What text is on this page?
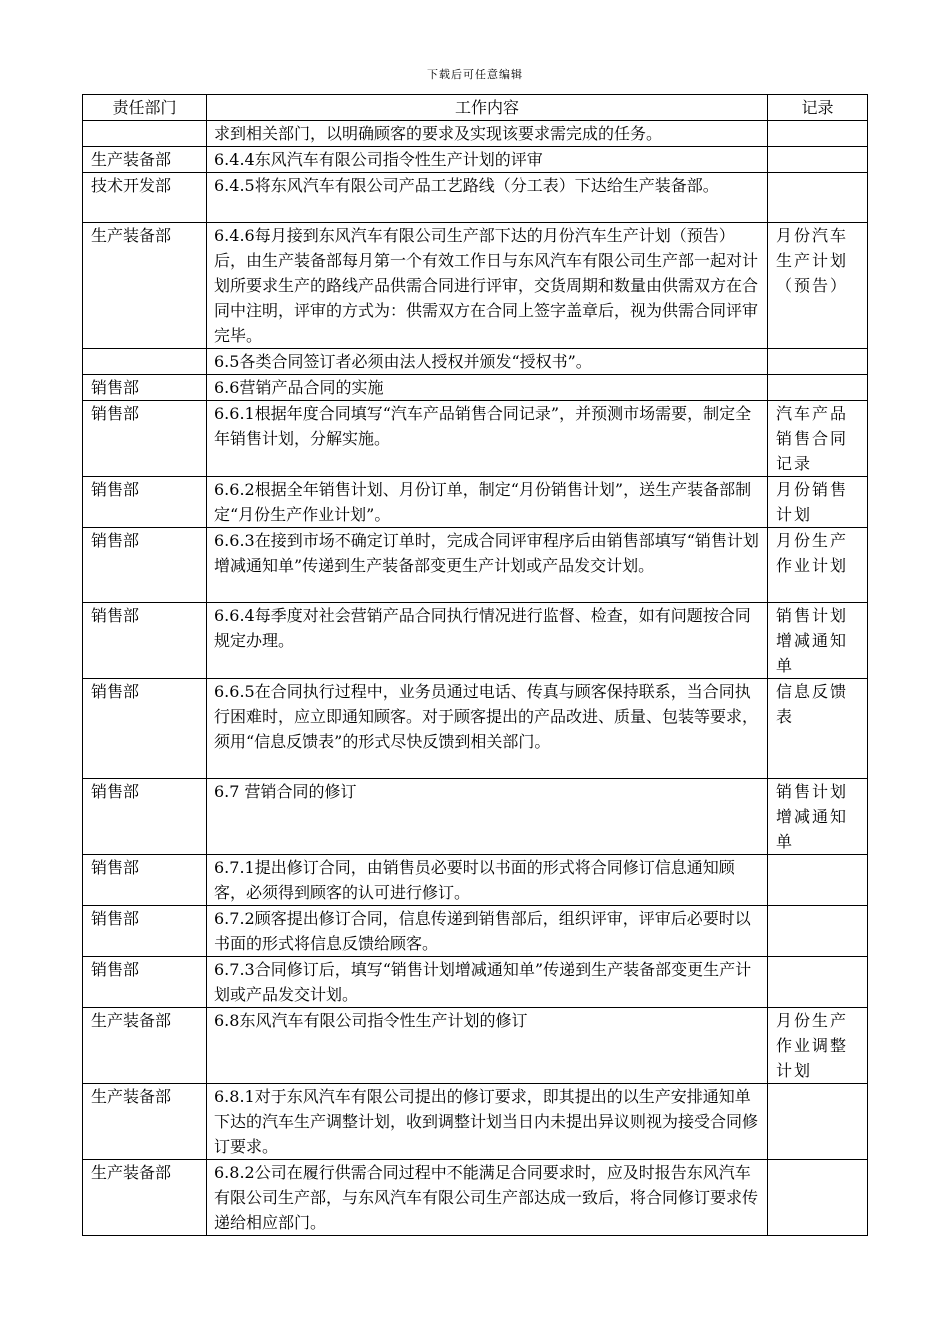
下载后可任意编辑
责任部门	工作内容	记录
	求到相关部门，以明确顾客的要求及实现该要求需完成的任务。	
生产装备部	6.4.4东风汽车有限公司指令性生产计划的评审	
技术开发部	6.4.5将东风汽车有限公司产品工艺路线（分工表）下达给生产装备部。	
生产装备部	6.4.6每月接到东风汽车有限公司生产部下达的月份汽车生产计划（预告）后，由生产装备部每月第一个有效工作日与东风汽车有限公司生产部一起对计划所要求生产的路线产品供需合同进行评审，交货周期和数量由供需双方在合同中注明，评审的方式为：供需双方在合同上签字盖章后，视为供需合同评审完毕。	月份汽车生产计划（预告）
	6.5各类合同签订者必须由法人授权并颁发“授权书”。	
销售部	6.6营销产品合同的实施	
销售部	6.6.1根据年度合同填写“汽车产品销售合同记录”，并预测市场需要，制定全年销售计划，分解实施。	汽车产品销售合同记录
销售部	6.6.2根据全年销售计划、月份订单，制定“月份销售计划”，送生产装备部制定“月份生产作业计划”。	月份销售计划
销售部	6.6.3在接到市场不确定订单时，完成合同评审程序后由销售部填写“销售计划增减通知单”传递到生产装备部变更生产计划或产品发交计划。	月份生产作业计划
销售部	6.6.4每季度对社会营销产品合同执行情况进行监督、检查，如有问题按合同规定办理。	销售计划增减通知单
销售部	6.6.5在合同执行过程中，业务员通过电话、传真与顾客保持联系，当合同执行困难时，应立即通知顾客。对于顾客提出的产品改进、质量、包装等要求，须用“信息反馈表”的形式尽快反馈到相关部门。	信息反馈表
销售部	6.7 营销合同的修订	销售计划增减通知单
销售部	6.7.1提出修订合同，由销售员必要时以书面的形式将合同修订信息通知顾客，必须得到顾客的认可进行修订。	
销售部	6.7.2顾客提出修订合同，信息传递到销售部后，组织评审，评审后必要时以书面的形式将信息反馈给顾客。	
销售部	6.7.3合同修订后，填写“销售计划增减通知单”传递到生产装备部变更生产计划或产品发交计划。	
生产装备部	6.8东风汽车有限公司指令性生产计划的修订	月份生产作业调整计划
生产装备部	6.8.1对于东风汽车有限公司提出的修订要求，即其提出的以生产安排通知单下达的汽车生产调整计划，收到调整计划当日内未提出异议则视为接受合同修订要求。	
生产装备部	6.8.2公司在履行供需合同过程中不能满足合同要求时，应及时报告东风汽车有限公司生产部，与东风汽车有限公司生产部达成一致后，将合同修订要求传递给相应部门。	
